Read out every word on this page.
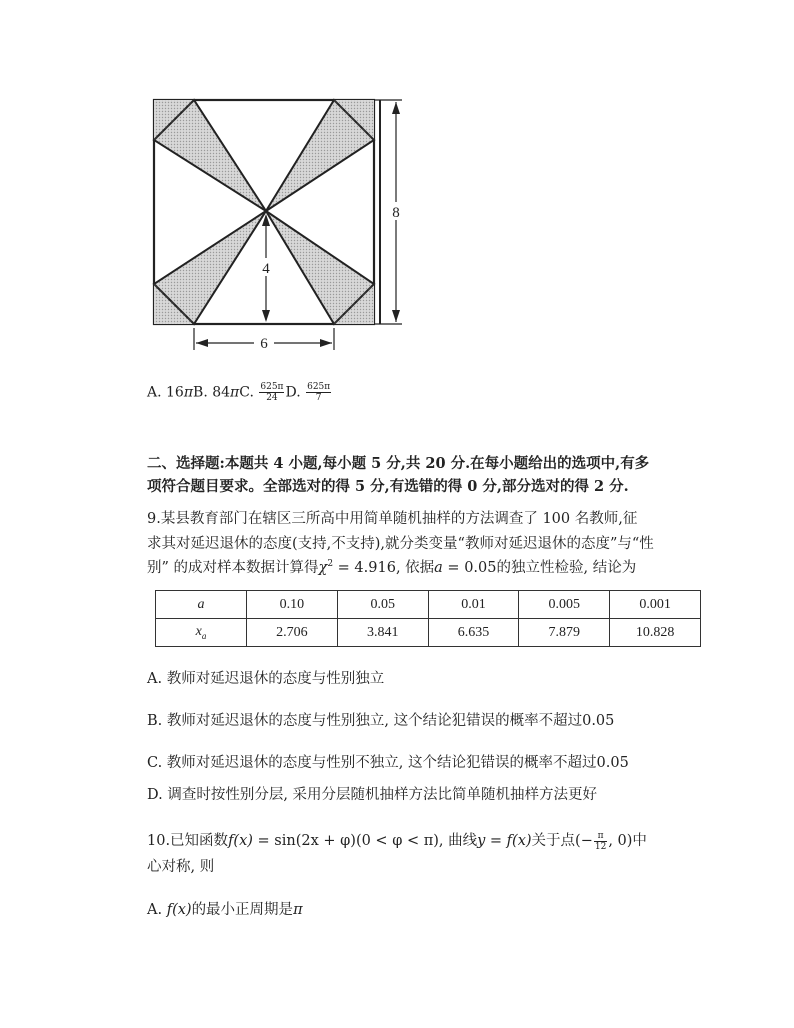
8
4
6
A. 16πB. 84πC. $\frac{625\pi}{24} D$. $\frac{625\pi}{7}$
二、选择题:本题共 4 小题,每小题 5 分,共 20 分.在每小题给出的选项中,有多
项符合题目要求。全部选对的得 5 分,有选错的得 0 分,部分选对的得 2 分.
9.某县教育部门在辖区三所高中用简单随机抽样的方法调查了 100 名教师,征
求其对延迟退休的态度(支持,不支持),就分类变量“教师对延迟退休的态度”与“性
别” 的成对样本数据计算得$\chi^2 = 4.916$, 依据a = 0.05的独立性检验, 结论为
a	0.10	0.05	0.01	0.005	0.001
$x_a$	2.706	3.841	6.635	7.879	10.828
A. 教师对延迟退休的态度与性别独立
B. 教师对延迟退休的态度与性别独立, 这个结论犯错误的概率不超过0.05
C. 教师对延迟退休的态度与性别不独立, 这个结论犯错误的概率不超过0.05
D. 调查时按性别分层, 采用分层随机抽样方法比简单随机抽样方法更好
10.已知函数f(x) = sin(2x + φ)(0 < φ < π), 曲线y = f(x)关于点(− $\frac{\pi}{12}$ , 0)中
心对称, 则
A. f(x)的最小正周期是π
